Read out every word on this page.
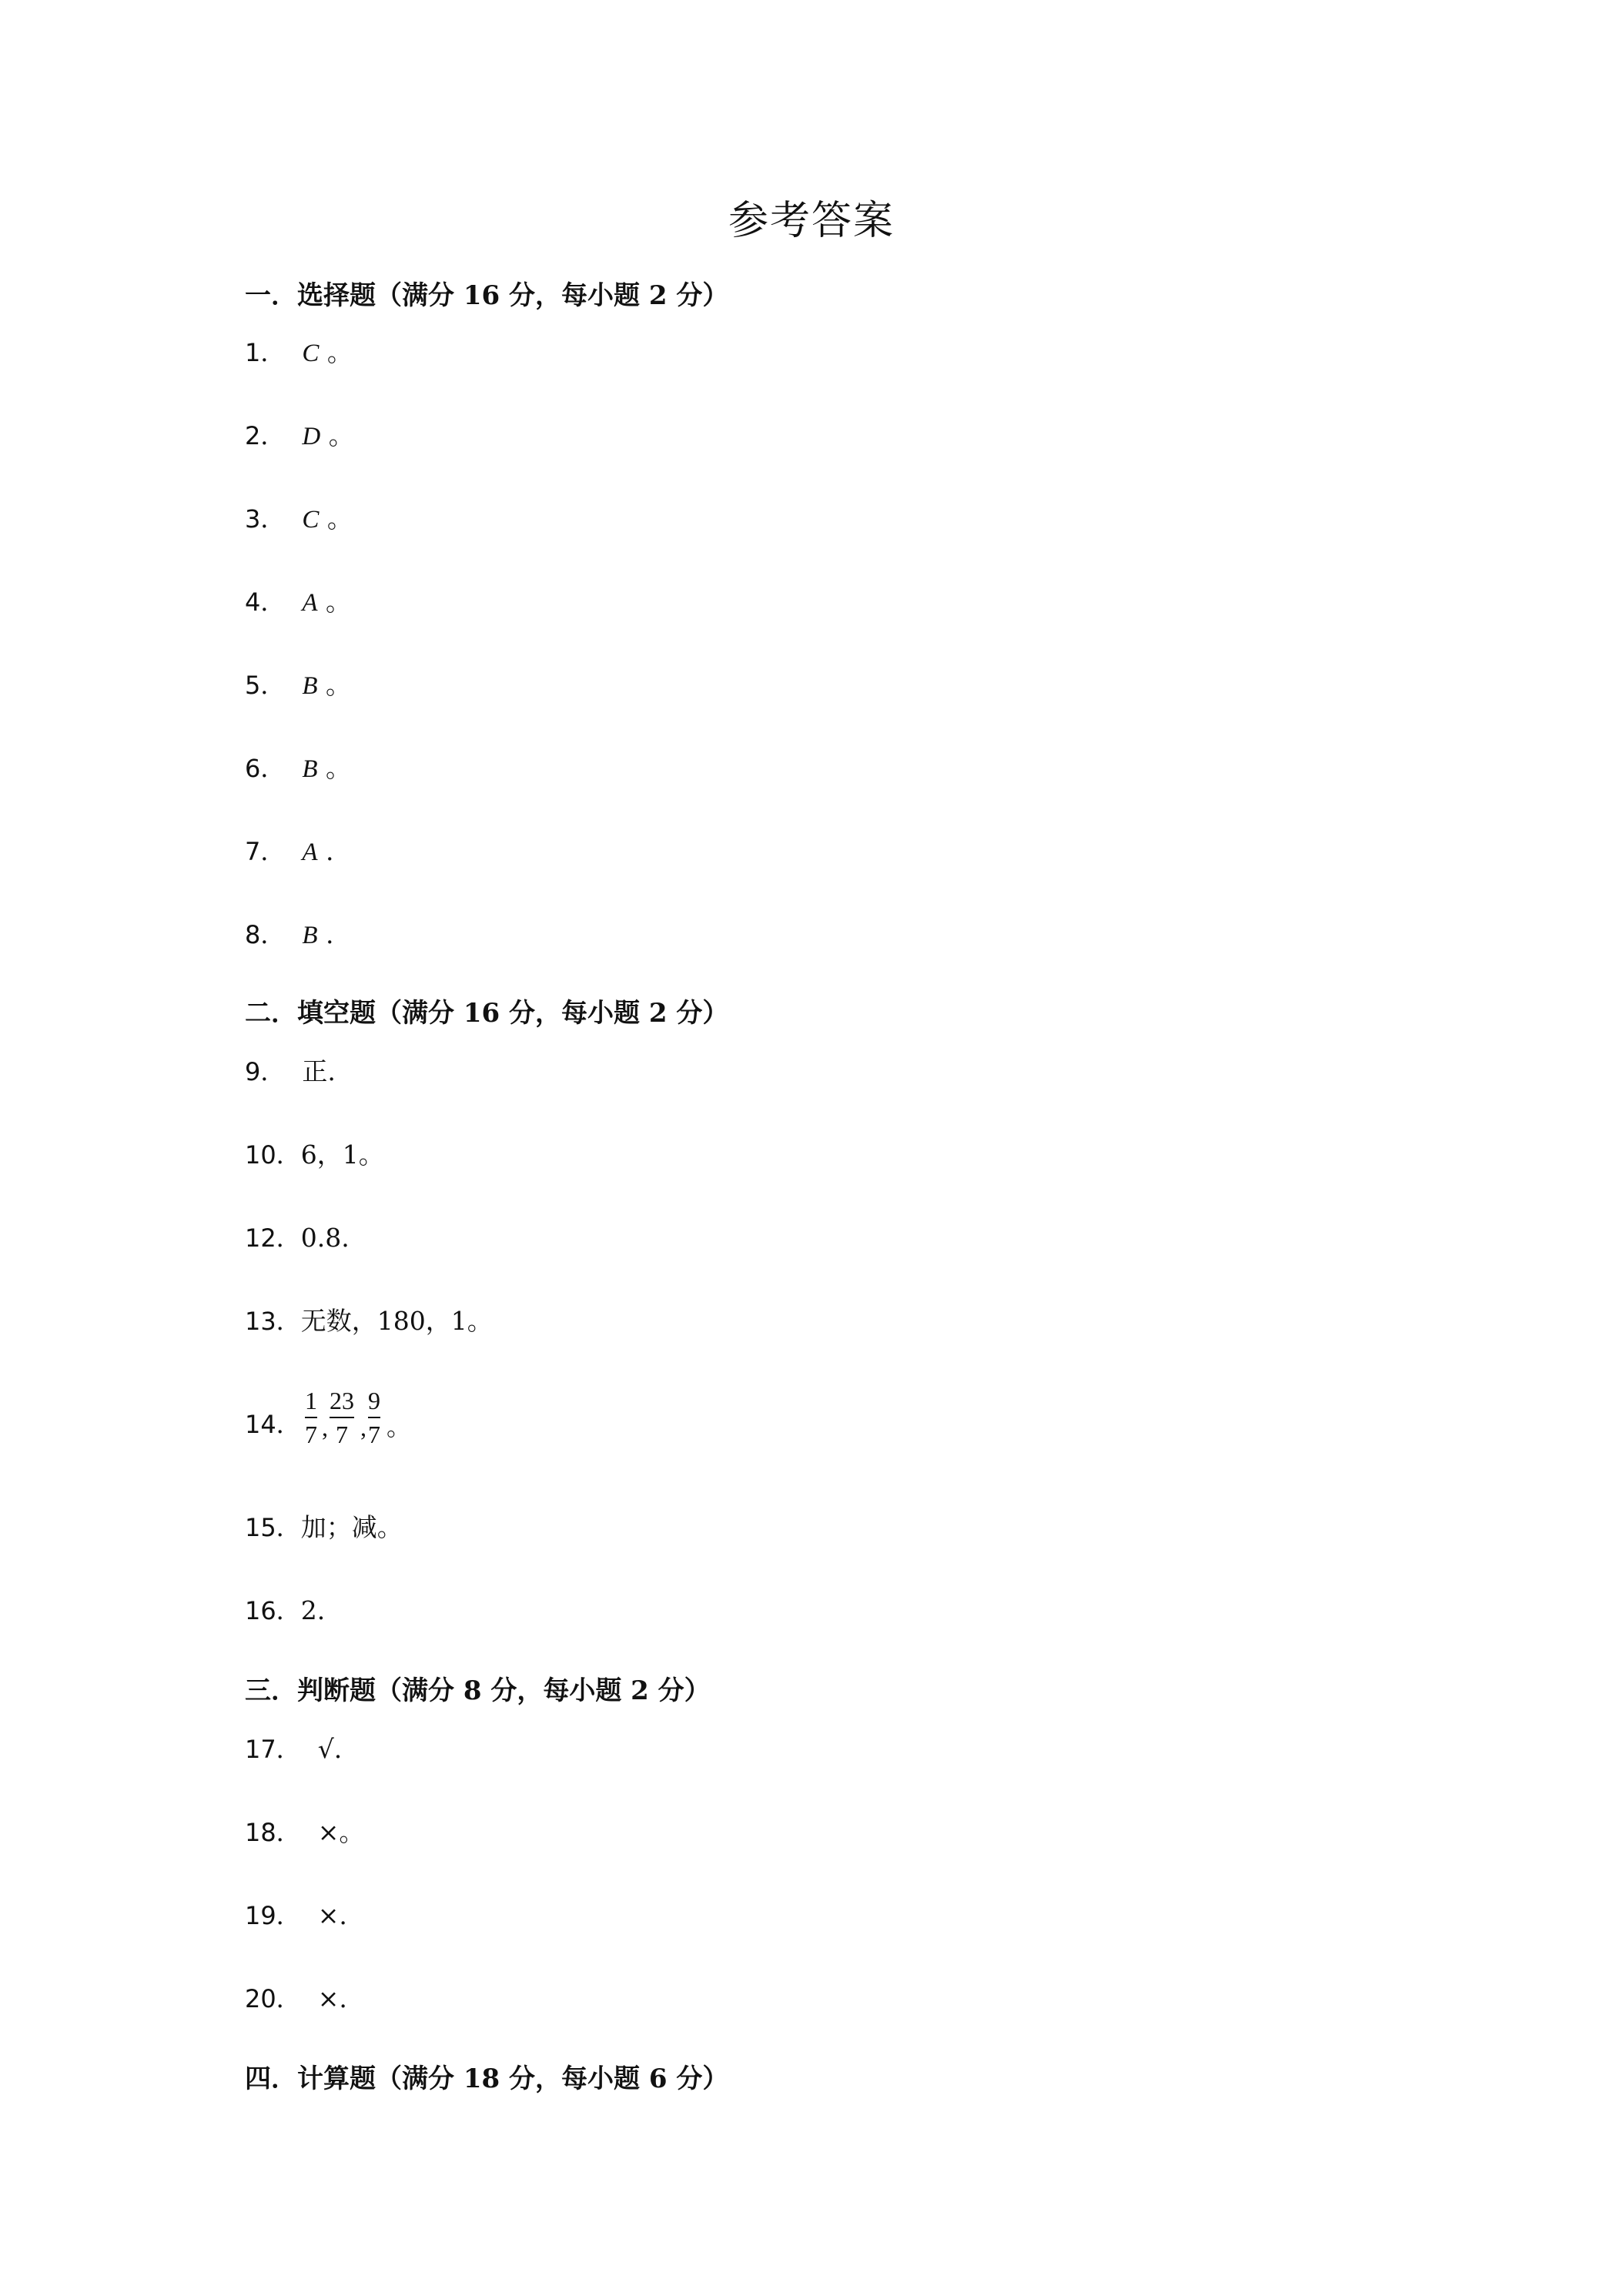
参考答案
一．选择题（满分 16 分，每小题 2 分）
1． C 。
2． D 。
3． C 。
4． A 。
5． B 。
6． B 。
7． A .
8． B .
二．填空题（满分 16 分，每小题 2 分）
9． 正.
10．6，1。
12．0.8.
13．无数，180，1。
14．
1
7 ,
23
7 ,
9
7 。
15．加；减。
16．2.
三．判断题（满分 8 分，每小题 2 分）
17． √.
18． ×。
19． ×.
20． ×.
四．计算题（满分 18 分，每小题 6 分）
